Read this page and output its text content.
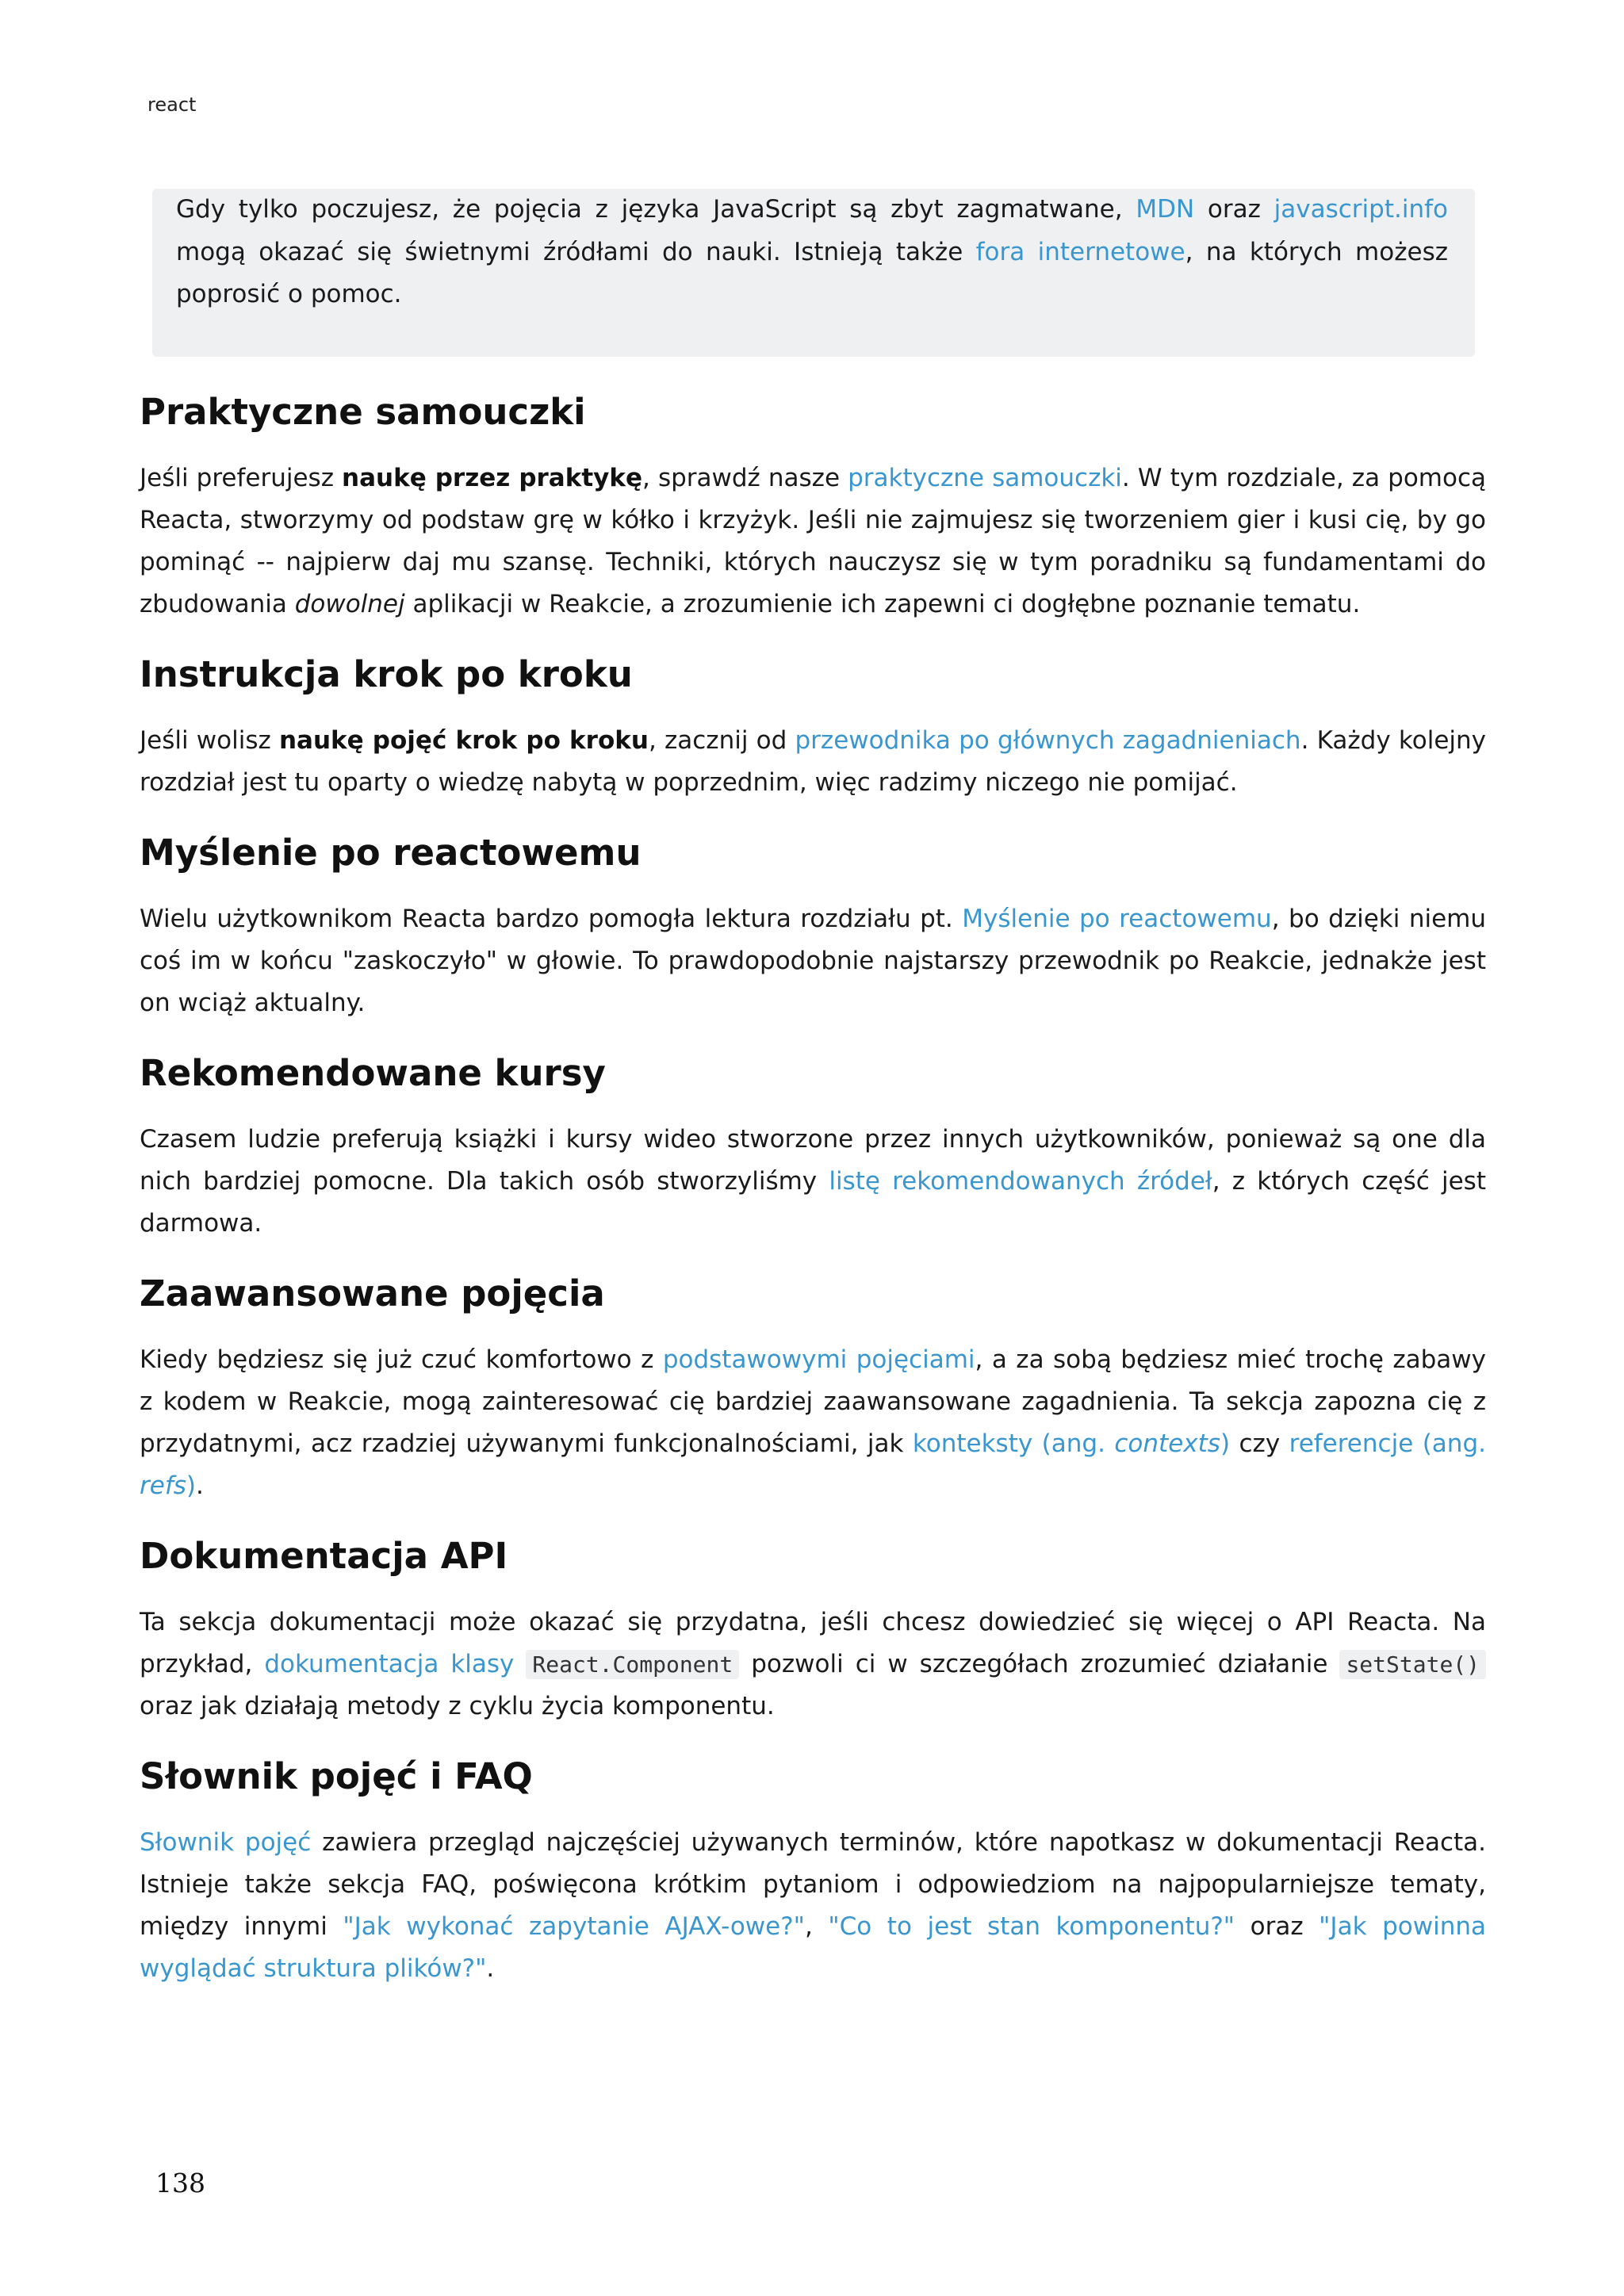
react

Gdy tylko poczujesz, że pojęcia z języka JavaScript są zbyt zagmatwane, MDN oraz javascript.info mogą okazać się świetnymi źródłami do nauki. Istnieją także fora internetowe, na których możesz poprosić o pomoc.

Praktyczne samouczki

Jeśli preferujesz naukę przez praktykę, sprawdź nasze praktyczne samouczki. W tym rozdziale, za pomocą Reacta, stworzymy od podstaw grę w kółko i krzyżyk. Jeśli nie zajmujesz się tworzeniem gier i kusi cię, by go pominąć -- najpierw daj mu szansę. Techniki, których nauczysz się w tym poradniku są fundamentami do zbudowania dowolnej aplikacji w Reakcie, a zrozumienie ich zapewni ci dogłębne poznanie tematu.

Instrukcja krok po kroku

Jeśli wolisz naukę pojęć krok po kroku, zacznij od przewodnika po głównych zagadnieniach. Każdy kolejny rozdział jest tu oparty o wiedzę nabytą w poprzednim, więc radzimy niczego nie pomijać.

Myślenie po reactowemu

Wielu użytkownikom Reacta bardzo pomogła lektura rozdziału pt. Myślenie po reactowemu, bo dzięki niemu coś im w końcu "zaskoczyło" w głowie. To prawdopodobnie najstarszy przewodnik po Reakcie, jednakże jest on wciąż aktualny.

Rekomendowane kursy

Czasem ludzie preferują książki i kursy wideo stworzone przez innych użytkowników, ponieważ są one dla nich bardziej pomocne. Dla takich osób stworzyliśmy listę rekomendowanych źródeł, z których część jest darmowa.

Zaawansowane pojęcia

Kiedy będziesz się już czuć komfortowo z podstawowymi pojęciami, a za sobą będziesz mieć trochę zabawy z kodem w Reakcie, mogą zainteresować cię bardziej zaawansowane zagadnienia. Ta sekcja zapozna cię z przydatnymi, acz rzadziej używanymi funkcjonalnościami, jak konteksty (ang. contexts) czy referencje (ang. refs).

Dokumentacja API

Ta sekcja dokumentacji może okazać się przydatna, jeśli chcesz dowiedzieć się więcej o API Reacta. Na przykład, dokumentacja klasy React.Component pozwoli ci w szczegółach zrozumieć działanie setState() oraz jak działają metody z cyklu życia komponentu.

Słownik pojęć i FAQ

Słownik pojęć zawiera przegląd najczęściej używanych terminów, które napotkasz w dokumentacji Reacta. Istnieje także sekcja FAQ, poświęcona krótkim pytaniom i odpowiedziom na najpopularniejsze tematy, między innymi "Jak wykonać zapytanie AJAX-owe?", "Co to jest stan komponentu?" oraz "Jak powinna wyglądać struktura plików?".

138
